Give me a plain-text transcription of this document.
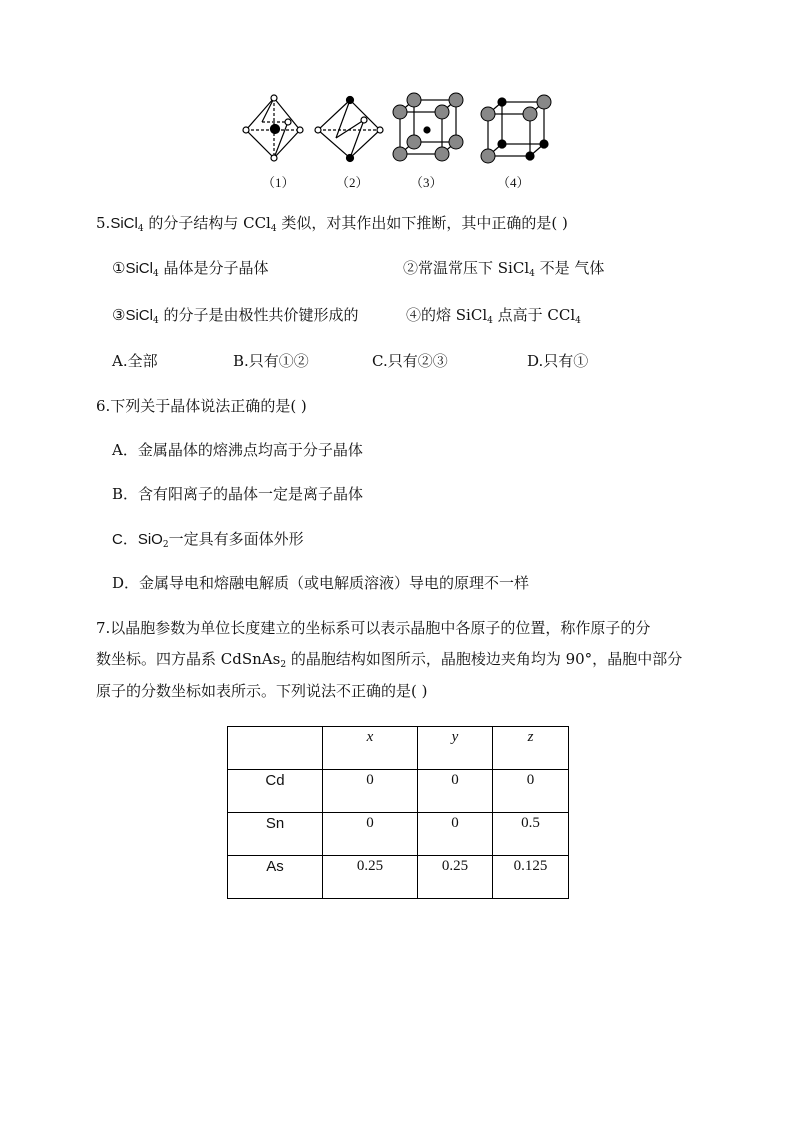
（1）	（2）	（3）	（4）
5.SiCl$_4$ 的分子结构与 CCl$_4$ 类似，对其作出如下推断，其中正确的是( )
①SiCl$_4$ 晶体是分子晶体	②常温常压下 SiCl$_4$ 不是 气体
③SiCl$_4$ 的分子是由极性共价键形成的	④的熔 SiCl$_4$ 点高于 CCl$_4$
A.全部	B.只有①②	C.只有②③	D.只有①
6.下列关于晶体说法正确的是( )
A．金属晶体的熔沸点均高于分子晶体
B．含有阳离子的晶体一定是离子晶体
C．SiO$_2$一定具有多面体外形
D．金属导电和熔融电解质（或电解质溶液）导电的原理不一样
7.以晶胞参数为单位长度建立的坐标系可以表示晶胞中各原子的位置，称作原子的分
数坐标。四方晶系 CdSnAs$_2$ 的晶胞结构如图所示，晶胞棱边夹角均为 90°，晶胞中部分
原子的分数坐标如表所示。下列说法不正确的是( )
	x	y	z
Cd	0	0	0
Sn	0	0	0.5
As	0.25	0.25	0.125
